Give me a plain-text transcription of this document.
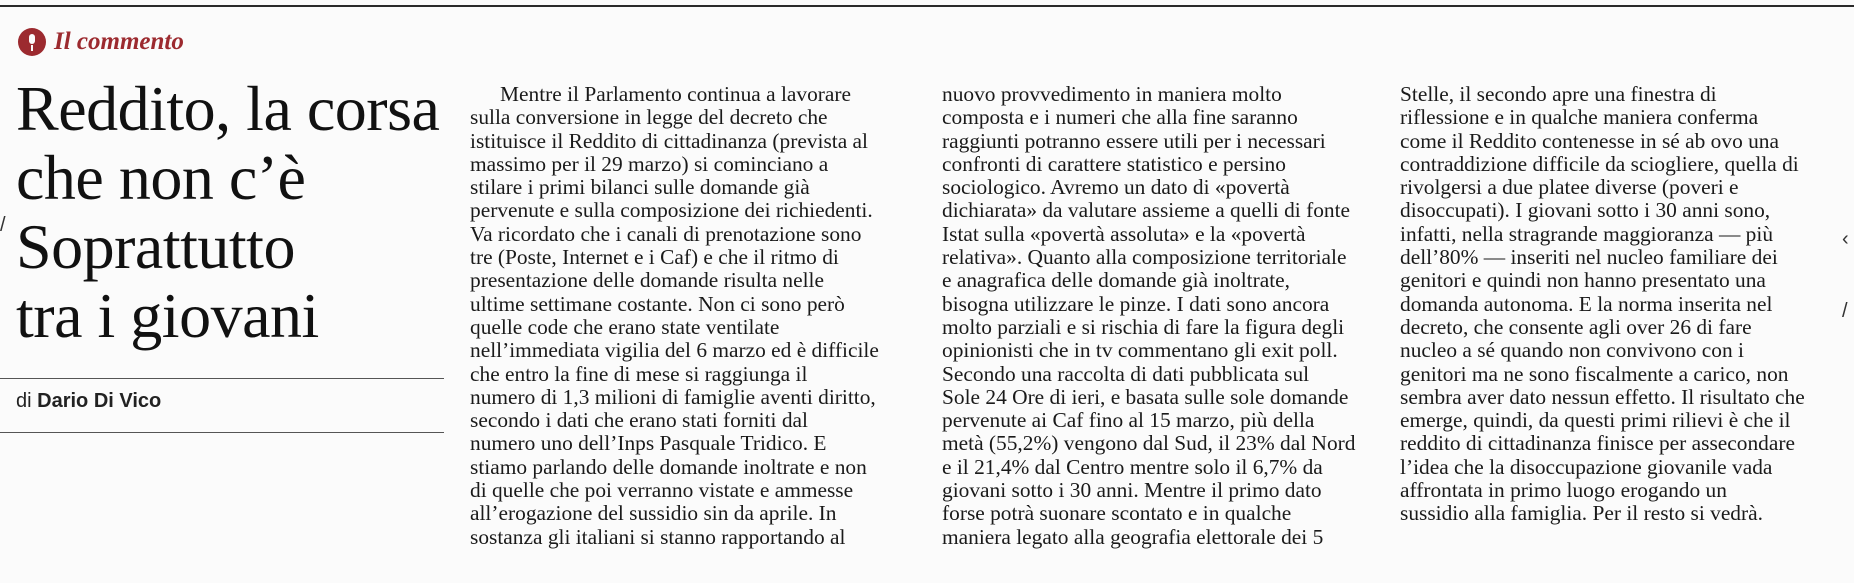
Il commento
Reddito, la corsa
che non c’è
Soprattutto
tra i giovani
di Dario Di Vico
/
‹
/
Mentre il Parlamento continua a lavorare
sulla conversione in legge del decreto che
istituisce il Reddito di cittadinanza (prevista al
massimo per il 29 marzo) si cominciano a
stilare i primi bilanci sulle domande già
pervenute e sulla composizione dei richiedenti.
Va ricordato che i canali di prenotazione sono
tre (Poste, Internet e i Caf) e che il ritmo di
presentazione delle domande risulta nelle
ultime settimane costante. Non ci sono però
quelle code che erano state ventilate
nell’immediata vigilia del 6 marzo ed è difficile
che entro la fine di mese si raggiunga il
numero di 1,3 milioni di famiglie aventi diritto,
secondo i dati che erano stati forniti dal
numero uno dell’Inps Pasquale Tridico. E
stiamo parlando delle domande inoltrate e non
di quelle che poi verranno vistate e ammesse
all’erogazione del sussidio sin da aprile. In
sostanza gli italiani si stanno rapportando al
nuovo provvedimento in maniera molto
composta e i numeri che alla fine saranno
raggiunti potranno essere utili per i necessari
confronti di carattere statistico e persino
sociologico. Avremo un dato di «povertà
dichiarata» da valutare assieme a quelli di fonte
Istat sulla «povertà assoluta» e la «povertà
relativa». Quanto alla composizione territoriale
e anagrafica delle domande già inoltrate,
bisogna utilizzare le pinze. I dati sono ancora
molto parziali e si rischia di fare la figura degli
opinionisti che in tv commentano gli exit poll.
Secondo una raccolta di dati pubblicata sul
Sole 24 Ore di ieri, e basata sulle sole domande
pervenute ai Caf fino al 15 marzo, più della
metà (55,2%) vengono dal Sud, il 23% dal Nord
e il 21,4% dal Centro mentre solo il 6,7% da
giovani sotto i 30 anni. Mentre il primo dato
forse potrà suonare scontato e in qualche
maniera legato alla geografia elettorale dei 5
Stelle, il secondo apre una finestra di
riflessione e in qualche maniera conferma
come il Reddito contenesse in sé ab ovo una
contraddizione difficile da sciogliere, quella di
rivolgersi a due platee diverse (poveri e
disoccupati). I giovani sotto i 30 anni sono,
infatti, nella stragrande maggioranza — più
dell’80% — inseriti nel nucleo familiare dei
genitori e quindi non hanno presentato una
domanda autonoma. E la norma inserita nel
decreto, che consente agli over 26 di fare
nucleo a sé quando non convivono con i
genitori ma ne sono fiscalmente a carico, non
sembra aver dato nessun effetto. Il risultato che
emerge, quindi, da questi primi rilievi è che il
reddito di cittadinanza finisce per assecondare
l’idea che la disoccupazione giovanile vada
affrontata in primo luogo erogando un
sussidio alla famiglia. Per il resto si vedrà.
